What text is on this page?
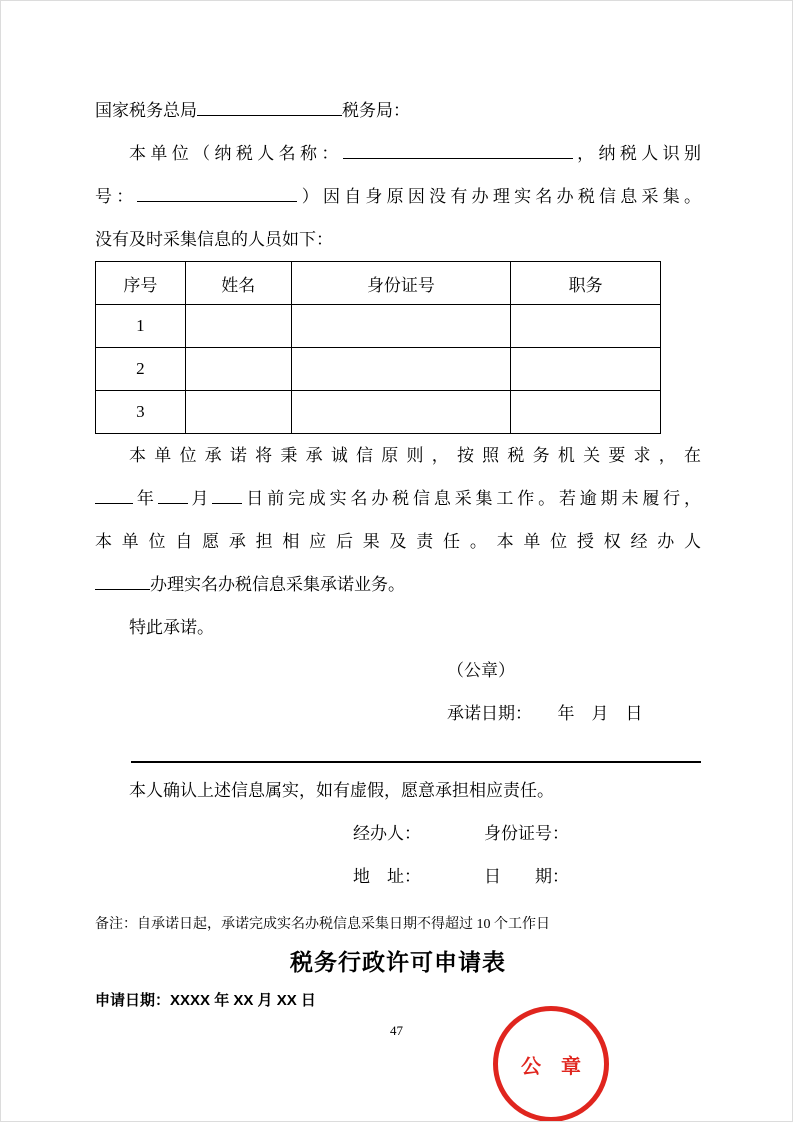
国家税务总局	税务局：

本单位（纳税人名称：	，纳税人识别

号：	）因自身原因没有办理实名办税信息采集。

没有及时采集信息的人员如下：

序号	姓名	身份证号	职务
1			
2			
3			

本单位承诺将秉承诚信原则，按照税务机关要求，在

年 月 日前完成实名办税信息采集工作。若逾期未履行，

本单位自愿承担相应后果及责任。本单位授权经办人

办理实名办税信息采集承诺业务。

特此承诺。

（公章）

承诺日期：　　年　月　日

本人确认上述信息属实，如有虚假，愿意承担相应责任。

经办人：	身份证号：

地　址：	日　　期：

备注：自承诺日起，承诺完成实名办税信息采集日期不得超过 10 个工作日

税务行政许可申请表

申请日期：XXXX 年 XX 月 XX 日

47
公　章
